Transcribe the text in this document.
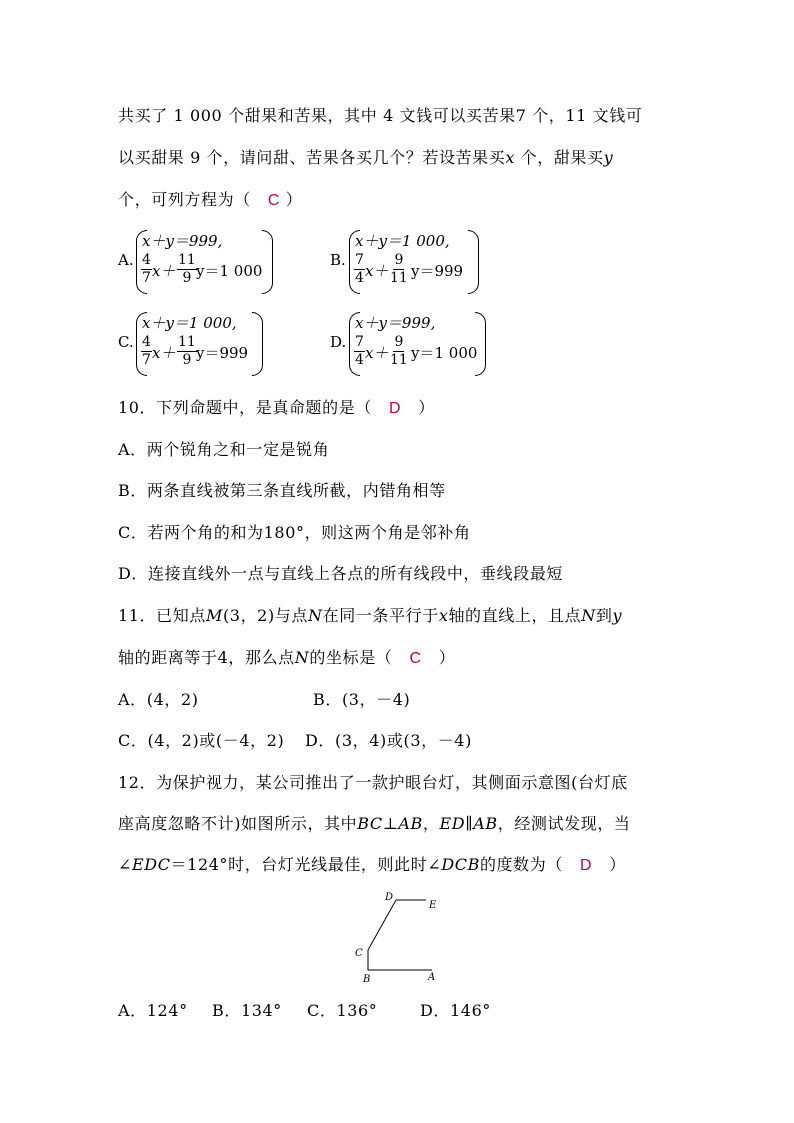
共买了 1 000 个甜果和苦果，其中 4 文钱可以买苦果7 个，11 文钱可
以买甜果 9 个，请问甜、苦果各买几个？若设苦果买x 个，甜果买y
个，可列方程为（ C ）
A.
x＋y＝999,
$\frac{4}{7} x+ \frac{11}{9} y=1$ 000
B.
x＋y＝1 000,
$\frac{7}{4} x+ \frac{9}{11} y=999$
C.
x＋y＝1 000,
$\frac{4}{7} x+ \frac{11}{9} y=999$
D.
x＋y＝999,
$\frac{7}{4} x+ \frac{9}{11} y=1$ 000
10．下列命题中，是真命题的是（ D ）
A．两个锐角之和一定是锐角
B．两条直线被第三条直线所截，内错角相等
C．若两个角的和为180°，则这两个角是邻补角
D．连接直线外一点与直线上各点的所有线段中，垂线段最短
11．已知点M(3，2)与点N在同一条平行于x轴的直线上，且点N到y
轴的距离等于4，那么点N的坐标是（ C ）
A．(4，2)	B．(3，－4)
C．(4，2)或(－4，2) D．(3，4)或(3，－4)
12．为保护视力，某公司推出了一款护眼台灯，其侧面示意图(台灯底
座高度忽略不计)如图所示，其中BC⊥AB，ED∥AB，经测试发现，当
∠EDC＝124°时，台灯光线最佳，则此时∠DCB的度数为（ D ）
D
E
C
B	A
A．124° B．134° C．136°	D．146°
